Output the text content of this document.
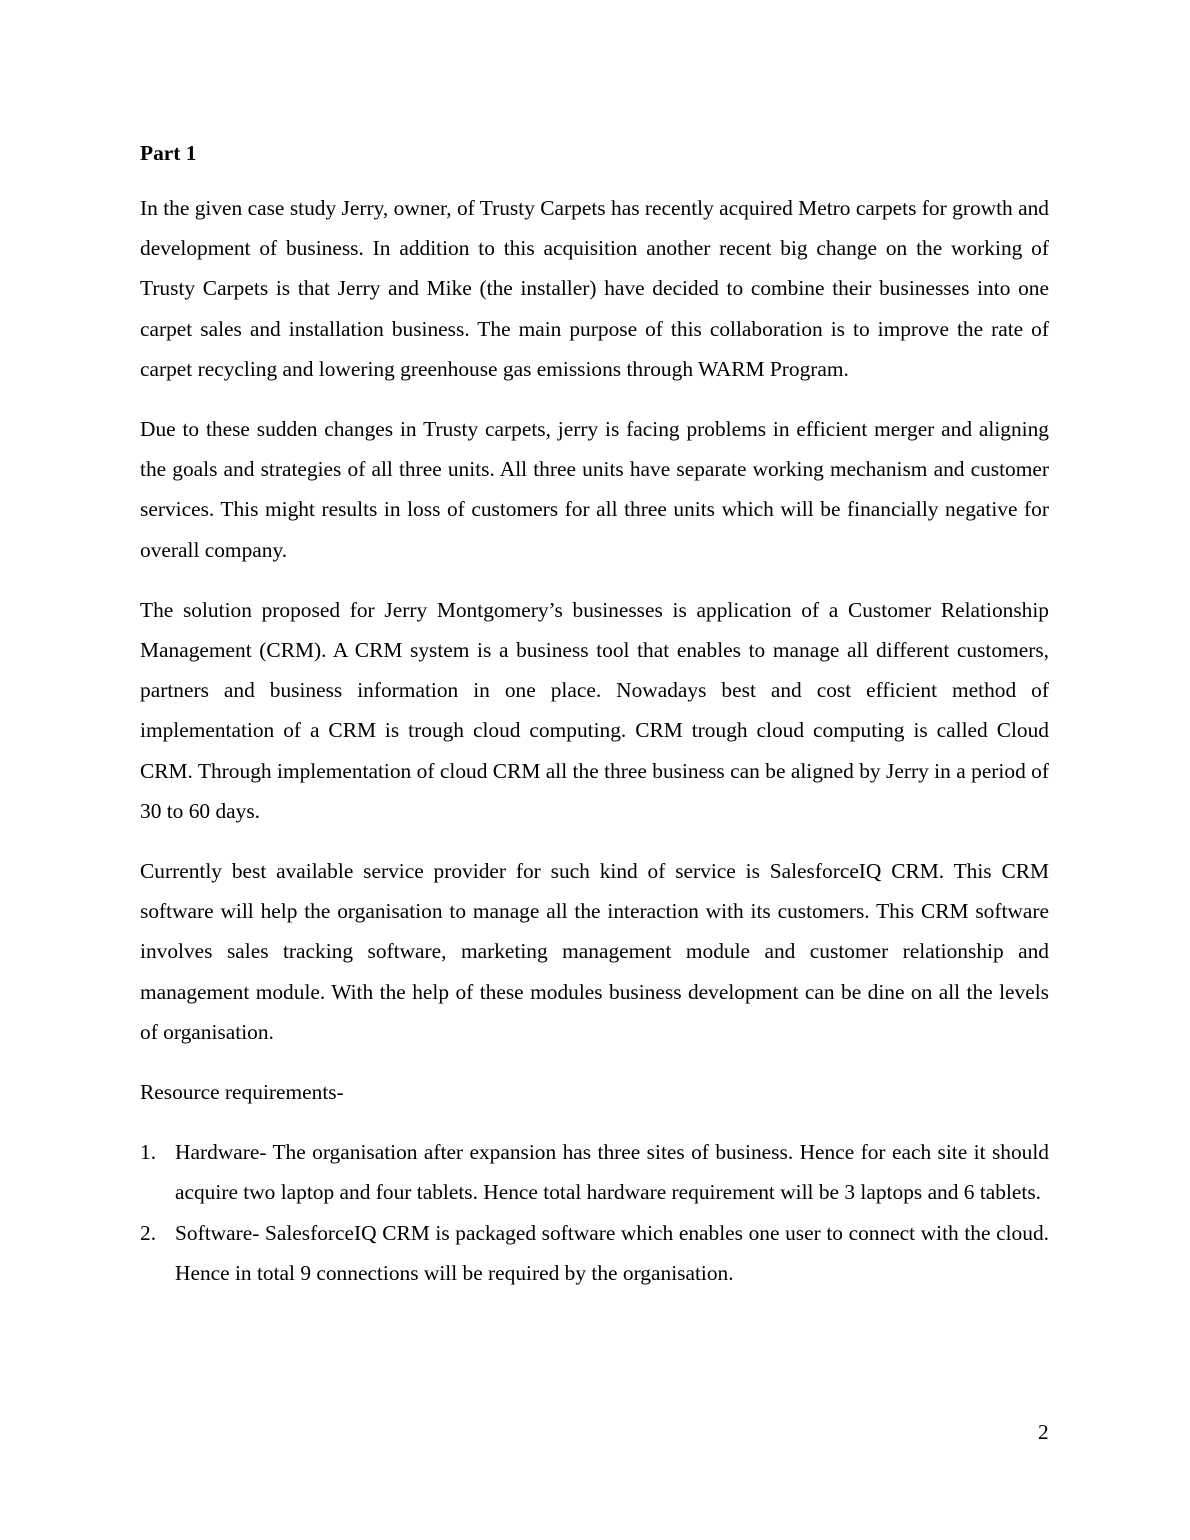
Part 1

In the given case study Jerry, owner, of Trusty Carpets has recently acquired Metro carpets for growth and development of business. In addition to this acquisition another recent big change on the working of Trusty Carpets is that Jerry and Mike (the installer) have decided to combine their businesses into one carpet sales and installation business. The main purpose of this collaboration is to improve the rate of carpet recycling and lowering greenhouse gas emissions through WARM Program.

Due to these sudden changes in Trusty carpets, jerry is facing problems in efficient merger and aligning the goals and strategies of all three units. All three units have separate working mechanism and customer services. This might results in loss of customers for all three units which will be financially negative for overall company.

The solution proposed for Jerry Montgomery’s businesses is application of a Customer Relationship Management (CRM). A CRM system is a business tool that enables to manage all different customers, partners and business information in one place. Nowadays best and cost efficient method of implementation of a CRM is trough cloud computing. CRM trough cloud computing is called Cloud CRM. Through implementation of cloud CRM all the three business can be aligned by Jerry in a period of 30 to 60 days.

Currently best available service provider for such kind of service is SalesforceIQ CRM. This CRM software will help the organisation to manage all the interaction with its customers. This CRM software involves sales tracking software, marketing management module and customer relationship and management module. With the help of these modules business development can be dine on all the levels of organisation.

Resource requirements-

1. Hardware- The organisation after expansion has three sites of business. Hence for each site it should acquire two laptop and four tablets. Hence total hardware requirement will be 3 laptops and 6 tablets.
2. Software- SalesforceIQ CRM is packaged software which enables one user to connect with the cloud. Hence in total 9 connections will be required by the organisation.
2
